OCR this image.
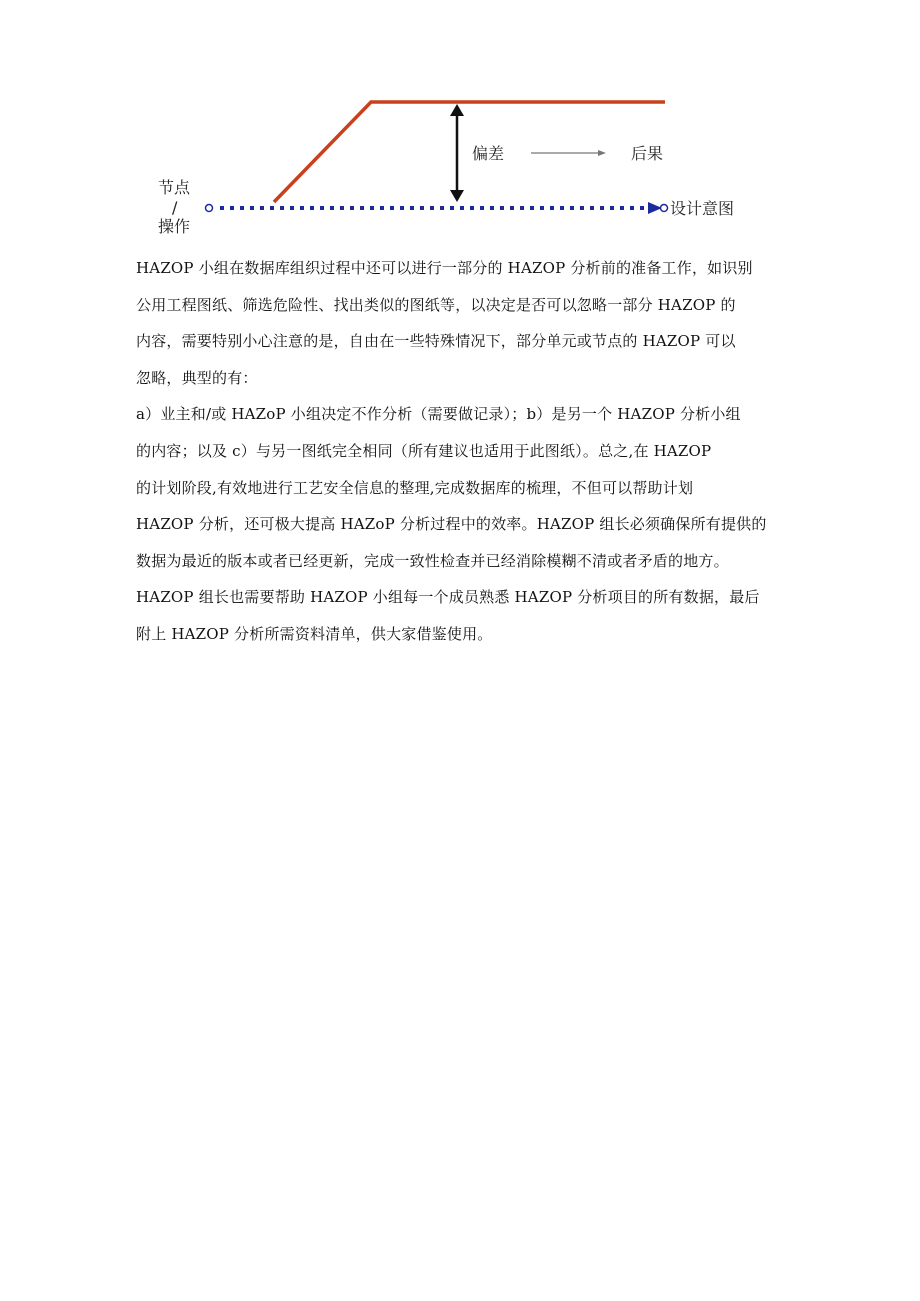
节点
/
操作
偏差	后果
设计意图

HAZOP 小组在数据库组织过程中还可以进行一部分的 HAZOP 分析前的准备工作，如识别
公用工程图纸、筛选危险性、找出类似的图纸等，以决定是否可以忽略一部分 HAZOP 的
内容，需要特别小心注意的是，自由在一些特殊情况下，部分单元或节点的 HAZOP 可以
忽略，典型的有：

a）业主和/或 HAZoP 小组决定不作分析（需要做记录）；b）是另一个 HAZOP 分析小组
的内容；以及 c）与另一图纸完全相同（所有建议也适用于此图纸）。总之,在 HAZOP
的计划阶段,有效地进行工艺安全信息的整理,完成数据库的梳理，不但可以帮助计划
HAZOP 分析，还可极大提高 HAZoP 分析过程中的效率。HAZOP 组长必须确保所有提供的
数据为最近的版本或者已经更新，完成一致性检查并已经消除模糊不清或者矛盾的地方。
HAZOP 组长也需要帮助 HAZOP 小组每一个成员熟悉 HAZOP 分析项目的所有数据，最后
附上 HAZOP 分析所需资料清单，供大家借鉴使用。
